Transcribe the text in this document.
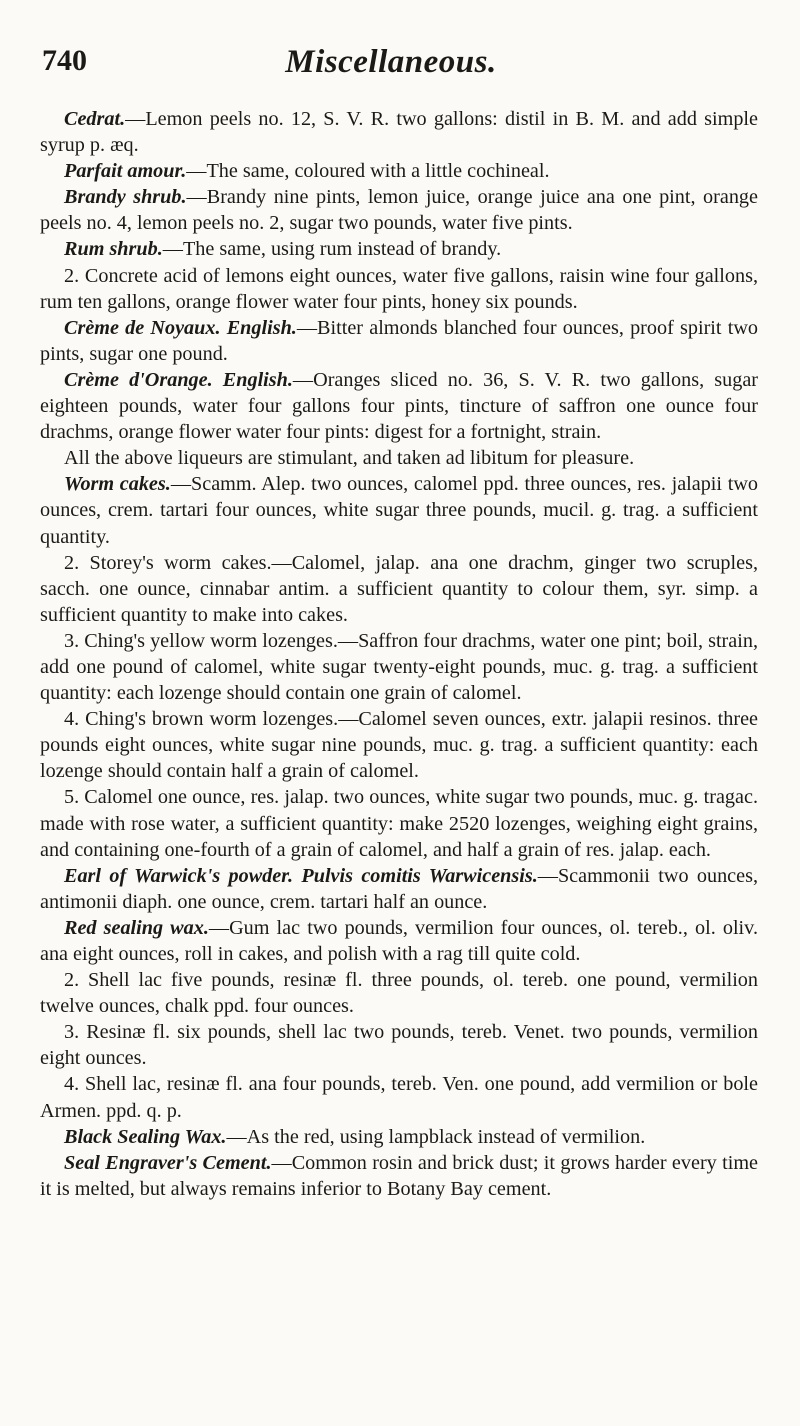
740	Miscellaneous.

Cedrat.—Lemon peels no. 12, S. V. R. two gallons: distil in B. M. and add simple syrup p. æq.

Parfait amour.—The same, coloured with a little cochineal.

Brandy shrub.—Brandy nine pints, lemon juice, orange juice ana one pint, orange peels no. 4, lemon peels no. 2, sugar two pounds, water five pints.

Rum shrub.—The same, using rum instead of brandy.

2. Concrete acid of lemons eight ounces, water five gallons, raisin wine four gallons, rum ten gallons, orange flower water four pints, honey six pounds.

Crème de Noyaux. English.—Bitter almonds blanched four ounces, proof spirit two pints, sugar one pound.

Crème d'Orange. English.—Oranges sliced no. 36, S. V. R. two gallons, sugar eighteen pounds, water four gallons four pints, tincture of saffron one ounce four drachms, orange flower water four pints: digest for a fortnight, strain.

All the above liqueurs are stimulant, and taken ad libitum for pleasure.

Worm cakes.—Scamm. Alep. two ounces, calomel ppd. three ounces, res. jalapii two ounces, crem. tartari four ounces, white sugar three pounds, mucil. g. trag. a sufficient quantity.

2. Storey's worm cakes.—Calomel, jalap. ana one drachm, ginger two scruples, sacch. one ounce, cinnabar antim. a sufficient quantity to colour them, syr. simp. a sufficient quantity to make into cakes.

3. Ching's yellow worm lozenges.—Saffron four drachms, water one pint; boil, strain, add one pound of calomel, white sugar twenty-eight pounds, muc. g. trag. a sufficient quantity: each lozenge should contain one grain of calomel.

4. Ching's brown worm lozenges.—Calomel seven ounces, extr. jalapii resinos. three pounds eight ounces, white sugar nine pounds, muc. g. trag. a sufficient quantity: each lozenge should contain half a grain of calomel.

5. Calomel one ounce, res. jalap. two ounces, white sugar two pounds, muc. g. tragac. made with rose water, a sufficient quantity: make 2520 lozenges, weighing eight grains, and containing one-fourth of a grain of calomel, and half a grain of res. jalap. each.

Earl of Warwick's powder. Pulvis comitis Warwicensis.—Scammonii two ounces, antimonii diaph. one ounce, crem. tartari half an ounce.

Red sealing wax.—Gum lac two pounds, vermilion four ounces, ol. tereb., ol. oliv. ana eight ounces, roll in cakes, and polish with a rag till quite cold.

2. Shell lac five pounds, resinæ fl. three pounds, ol. tereb. one pound, vermilion twelve ounces, chalk ppd. four ounces.

3. Resinæ fl. six pounds, shell lac two pounds, tereb. Venet. two pounds, vermilion eight ounces.

4. Shell lac, resinæ fl. ana four pounds, tereb. Ven. one pound, add vermilion or bole Armen. ppd. q. p.

Black Sealing Wax.—As the red, using lampblack instead of vermilion.

Seal Engraver's Cement.—Common rosin and brick dust; it grows harder every time it is melted, but always remains inferior to Botany Bay cement.
